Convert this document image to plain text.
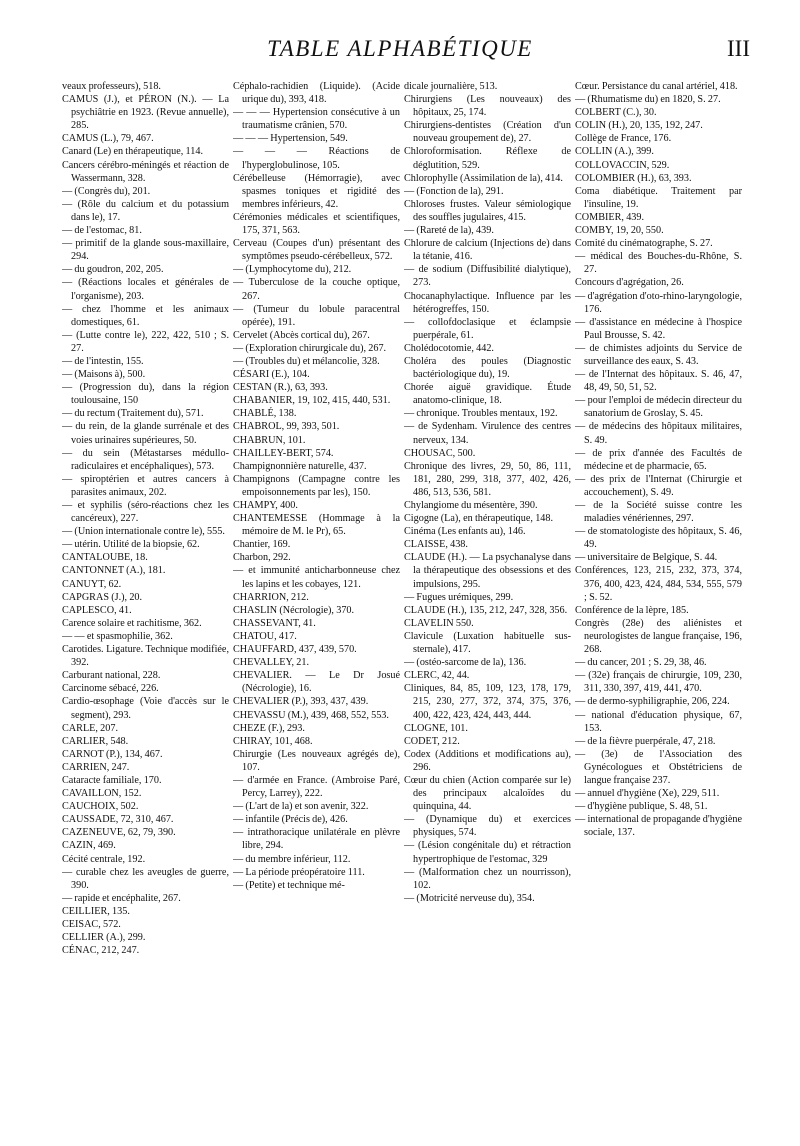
TABLE ALPHABÉTIQUE	III

veaux professeurs), 518.

CAMUS (J.), et PÉRON (N.). — La psychiâtrie en 1923. (Revue annuelle), 285.

CAMUS (L.), 79, 467.

Canard (Le) en thérapeutique, 114.

Cancers cérébro-méningés et réaction de Wassermann, 328.

— (Congrès du), 201.

— (Rôle du calcium et du potassium dans le), 17.

— de l'estomac, 81.

— primitif de la glande sous-maxillaire, 294.

— du goudron, 202, 205.

— (Réactions locales et générales de l'organisme), 203.

— chez l'homme et les animaux domestiques, 61.

— (Lutte contre le), 222, 422, 510 ; S. 27.

— de l'intestin, 155.

— (Maisons à), 500.

— (Progression du), dans la région toulousaine, 150

— du rectum (Traitement du), 571.

— du rein, de la glande surrénale et des voies urinaires supérieures, 50.

— du sein (Métastarses médullo-radiculaires et encéphaliques), 573.

— spiroptérien et autres cancers à parasites animaux, 202.

— et syphilis (séro-réactions chez les cancéreux), 227.

— (Union internationale contre le), 555.

— utérin. Utilité de la biopsie, 62.

CANTALOUBE, 18.

CANTONNET (A.), 181.

CANUYT, 62.

CAPGRAS (J.), 20.

CAPLESCO, 41.

Carence solaire et rachitisme, 362.

— — et spasmophilie, 362.

Carotides. Ligature. Technique modifiée, 392.

Carburant national, 228.

Carcinome sébacé, 226.

Cardio-œsophage (Voie d'accès sur le segment), 293.

CARLE, 207.

CARLIER, 548.

CARNOT (P.), 134, 467.

CARRIEN, 247.

Cataracte familiale, 170.

CAVAILLON, 152.

CAUCHOIX, 502.

CAUSSADE, 72, 310, 467.

CAZENEUVE, 62, 79, 390.

CAZIN, 469.

Cécité centrale, 192.

— curable chez les aveugles de guerre, 390.

— rapide et encéphalite, 267.

CEILLIER, 135.

CEISAC, 572.

CELLIER (A.), 299.

CÉNAC, 212, 247.

Céphalo-rachidien (Liquide). (Acide urique du), 393, 418.

— — — Hypertension consécutive à un traumatisme crânien, 570.

— — — Hypertension, 549.

— — — Réactions de l'hyperglobulinose, 105.

Cérébelleuse (Hémorragie), avec spasmes toniques et rigidité des membres inférieurs, 42.

Cérémonies médicales et scientifiques, 175, 371, 563.

Cerveau (Coupes d'un) présentant des symptômes pseudo-cérébelleux, 572.

— (Lymphocytome du), 212.

— Tuberculose de la couche optique, 267.

— (Tumeur du lobule paracentral opérée), 191.

Cervelet (Abcès cortical du), 267.

— (Exploration chirurgicale du), 267.

— (Troubles du) et mélancolie, 328.

CÉSARI (E.), 104.

CESTAN (R.), 63, 393.

CHABANIER, 19, 102, 415, 440, 531.

CHABLÉ, 138.

CHABROL, 99, 393, 501.

CHABRUN, 101.

CHAILLEY-BERT, 574.

Champignonnière naturelle, 437.

Champignons (Campagne contre les empoisonnements par les), 150.

CHAMPY, 400.

CHANTEMESSE (Hommage à la mémoire de M. le Pr), 65.

Chantier, 169.

Charbon, 292.

— et immunité anticharbonneuse chez les lapins et les cobayes, 121.

CHARRION, 212.

CHASLIN (Nécrologie), 370.

CHASSEVANT, 41.

CHATOU, 417.

CHAUFFARD, 437, 439, 570.

CHEVALLEY, 21.

CHEVALIER. — Le Dr Josué (Nécrologie), 16.

CHEVALIER (P.), 393, 437, 439.

CHEVASSU (M.), 439, 468, 552, 553.

CHEZE (F.), 293.

CHIRAY, 101, 468.

Chirurgie (Les nouveaux agrégés de), 107.

— d'armée en France. (Ambroise Paré, Percy, Larrey), 222.

— (L'art de la) et son avenir, 322.

— infantile (Précis de), 426.

— intrathoracique unilatérale en plèvre libre, 294.

— du membre inférieur, 112.

— La période préopératoire 111.

— (Petite) et technique mé-

dicale journalière, 513.

Chirurgiens (Les nouveaux) des hôpitaux, 25, 174.

Chirurgiens-dentistes (Création d'un nouveau groupement de), 27.

Chloroformisation. Réflexe de déglutition, 529.

Chlorophylle (Assimilation de la), 414.

— (Fonction de la), 291.

Chloroses frustes. Valeur sémiologique des souffles jugulaires, 415.

— (Rareté de la), 439.

Chlorure de calcium (Injections de) dans la tétanie, 416.

— de sodium (Diffusibilité dialytique), 273.

Chocanaphylactique. Influence par les hétérogreffes, 150.

— collofdoclasique et éclampsie puerpérale, 61.

Cholédocotomie, 442.

Choléra des poules (Diagnostic bactériologique du), 19.

Chorée aiguë gravidique. Étude anatomo-clinique, 18.

— chronique. Troubles mentaux, 192.

— de Sydenham. Virulence des centres nerveux, 134.

CHOUSAC, 500.

Chronique des livres, 29, 50, 86, 111, 181, 280, 299, 318, 377, 402, 426, 486, 513, 536, 581.

Chylangiome du mésentère, 390.

Cigogne (La), en thérapeutique, 148.

Cinéma (Les enfants au), 146.

CLAISSE, 438.

CLAUDE (H.). — La psychanalyse dans la thérapeutique des obsessions et des impulsions, 295.

— Fugues urémiques, 299.

CLAUDE (H.), 135, 212, 247, 328, 356.

CLAVELIN 550.

Clavicule (Luxation habituelle sus-sternale), 417.

— (ostéo-sarcome de la), 136.

CLERC, 42, 44.

Cliniques, 84, 85, 109, 123, 178, 179, 215, 230, 277, 372, 374, 375, 376, 400, 422, 423, 424, 443, 444.

CLOGNE, 101.

CODET, 212.

Codex (Additions et modifications au), 296.

Cœur du chien (Action comparée sur le) des principaux alcaloïdes du quinquina, 44.

— (Dynamique du) et exercices physiques, 574.

— (Lésion congénitale du) et rétraction hypertrophique de l'estomac, 329

— (Malformation chez un nourrisson), 102.

— (Motricité nerveuse du), 354.

Cœur. Persistance du canal artériel, 418.

— (Rhumatisme du) en 1820, S. 27.

COLBERT (C.), 30.

COLIN (H.), 20, 135, 192, 247.

Collège de France, 176.

COLLIN (A.), 399.

COLLOVACCIN, 529.

COLOMBIER (H.), 63, 393.

Coma diabétique. Traitement par l'insuline, 19.

COMBIER, 439.

COMBY, 19, 20, 550.

Comité du cinématographe, S. 27.

— médical des Bouches-du-Rhône, S. 27.

Concours d'agrégation, 26.

— d'agrégation d'oto-rhino-laryngologie, 176.

— d'assistance en médecine à l'hospice Paul Brousse, S. 42.

— de chimistes adjoints du Service de surveillance des eaux, S. 43.

— de l'Internat des hôpitaux. S. 46, 47, 48, 49, 50, 51, 52.

— pour l'emploi de médecin directeur du sanatorium de Groslay, S. 45.

— de médecins des hôpitaux militaires, S. 49.

— de prix d'année des Facultés de médecine et de pharmacie, 65.

— des prix de l'Internat (Chirurgie et accouchement), S. 49.

— de la Société suisse contre les maladies vénériennes, 297.

— de stomatologiste des hôpitaux, S. 46, 49.

— universitaire de Belgique, S. 44.

Conférences, 123, 215, 232, 373, 374, 376, 400, 423, 424, 484, 534, 555, 579 ; S. 52.

Conférence de la lèpre, 185.

Congrès (28e) des aliénistes et neurologistes de langue française, 196, 268.

— du cancer, 201 ; S. 29, 38, 46.

— (32e) français de chirurgie, 109, 230, 311, 330, 397, 419, 441, 470.

— de dermo-syphiligraphie, 206, 224.

— national d'éducation physique, 67, 153.

— de la fièvre puerpérale, 47, 218.

— (3e) de l'Association des Gynécologues et Obstétriciens de langue française 237.

— annuel d'hygiène (Xe), 229, 511.

— d'hygiène publique, S. 48, 51.

— international de propagande d'hygiène sociale, 137.
